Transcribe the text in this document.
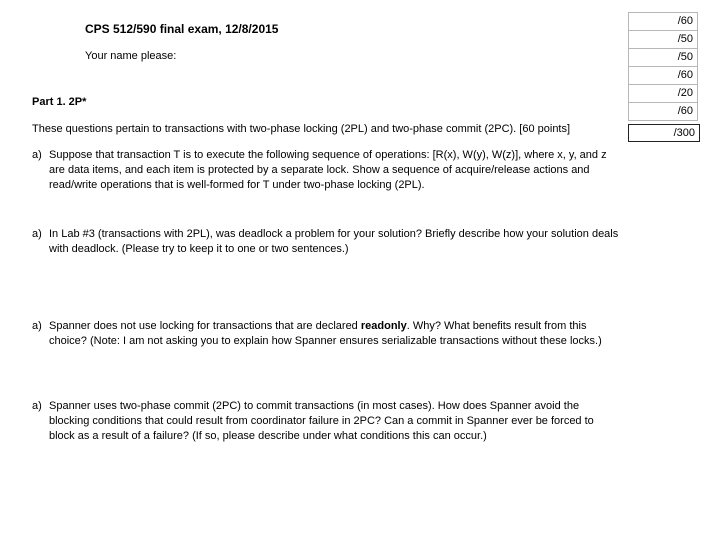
CPS 512/590 final exam, 12/8/2015
Your name please:
/60
/50
/50
/60
/20
/60
/300
Part 1. 2P*
These questions pertain to transactions with two-phase locking (2PL) and two-phase commit (2PC). [60 points]
a) Suppose that transaction T is to execute the following sequence of operations: [R(x), W(y), W(z)], where x, y, and z are data items, and each item is protected by a separate lock. Show a sequence of acquire/release actions and read/write operations that is well-formed for T under two-phase locking (2PL).
a) In Lab #3 (transactions with 2PL), was deadlock a problem for your solution? Briefly describe how your solution deals with deadlock. (Please try to keep it to one or two sentences.)
a) Spanner does not use locking for transactions that are declared readonly. Why? What benefits result from this choice? (Note: I am not asking you to explain how Spanner ensures serializable transactions without these locks.)
a) Spanner uses two-phase commit (2PC) to commit transactions (in most cases). How does Spanner avoid the blocking conditions that could result from coordinator failure in 2PC? Can a commit in Spanner ever be forced to block as a result of a failure? (If so, please describe under what conditions this can occur.)
